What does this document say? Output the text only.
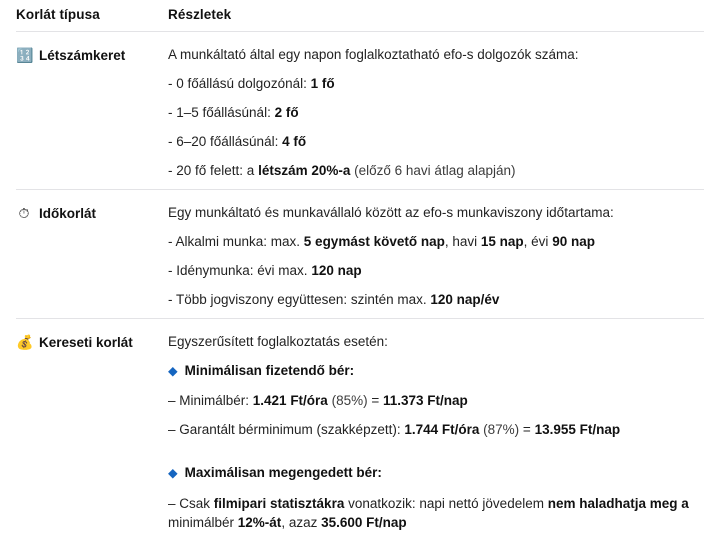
Korlát típusa	Részletek
🔢 Létszámkeret	A munkáltató által egy napon foglalkoztatható efo-s dolgozók száma:
- 0 főállású dolgozónál: 1 fő
- 1–5 főállásúnál: 2 fő
- 6–20 főállásúnál: 4 fő
- 20 fő felett: a létszám 20%-a (előző 6 havi átlag alapján)
⏱ Időkorlát	Egy munkáltató és munkavállaló között az efo-s munkaviszony időtartama:
- Alkalmi munka: max. 5 egymást követő nap, havi 15 nap, évi 90 nap
- Idénymunka: évi max. 120 nap
- Több jogviszony együttesen: szintén max. 120 nap/év
💰 Kereseti korlát	Egyszerűsített foglalkoztatás esetén:
◆ Minimálisan fizetendő bér:
– Minimálbér: 1.421 Ft/óra (85%) = 11.373 Ft/nap
– Garantált bérminimum (szakképzett): 1.744 Ft/óra (87%) = 13.955 Ft/nap
◆ Maximálisan megengedett bér:
– Csak filmipari statisztákra vonatkozik: napi nettó jövedelem nem haladhatja meg a minimálbér 12%-át, azaz 35.600 Ft/nap
